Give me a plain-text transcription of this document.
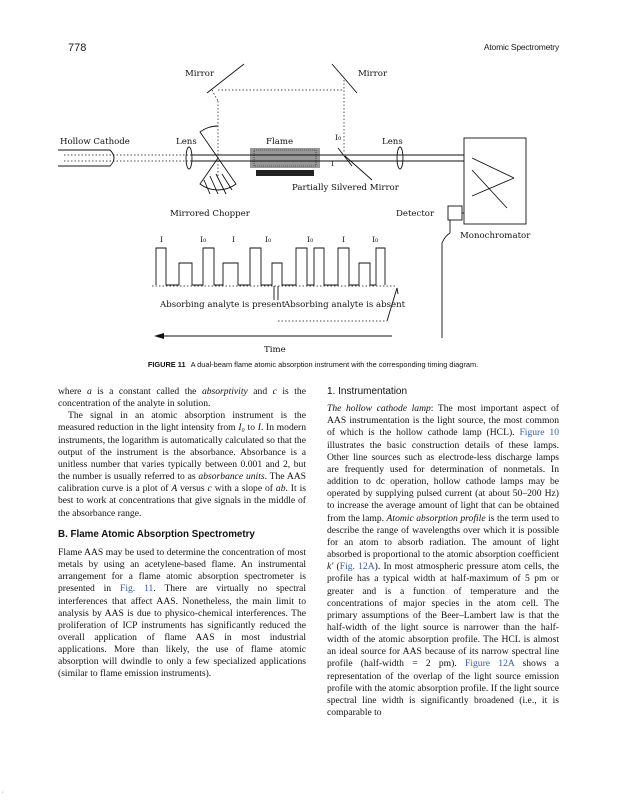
778	Atomic Spectrometry
Mirror	Mirror
Hollow Cathode	Lens
Mirrored Chopper
Flame	I₀
I
Partially Silvered Mirror
Lens
Monochromator
Detector
I	I₀	I	I₀	I₀	I	I₀
Absorbing analyte is present
Absorbing analyte is absent
Time
FIGURE 11 A dual-beam flame atomic absorption instrument with the corresponding timing diagram.

where a is a constant called the absorptivity and c is the concentration of the analyte in solution.

The signal in an atomic absorption instrument is the measured reduction in the light intensity from I₀ to I. In modern instruments, the logarithm is automatically calculated so that the output of the instrument is the absorbance. Absorbance is a unitless number that varies typically between 0.001 and 2, but the number is usually referred to as absorbance units. The AAS calibration curve is a plot of A versus c with a slope of ab. It is best to work at concentrations that give signals in the middle of the absorbance range.

B. Flame Atomic Absorption Spectrometry

Flame AAS may be used to determine the concentration of most metals by using an acetylene-based flame. An instrumental arrangement for a flame atomic absorption spectrometer is presented in Fig. 11. There are virtually no spectral interferences that affect AAS. Nonetheless, the main limit to analysis by AAS is due to physico-chemical interferences. The proliferation of ICP instruments has significantly reduced the overall application of flame AAS in most industrial applications. More than likely, the use of flame atomic absorption will dwindle to only a few specialized applications (similar to flame emission instruments).

1. Instrumentation

The hollow cathode lamp: The most important aspect of AAS instrumentation is the light source, the most common of which is the hollow cathode lamp (HCL). Figure 10 illustrates the basic construction details of these lamps. Other line sources such as electrode-less discharge lamps are frequently used for determination of nonmetals. In addition to dc operation, hollow cathode lamps may be operated by supplying pulsed current (at about 50–200 Hz) to increase the average amount of light that can be obtained from the lamp. Atomic absorption profile is the term used to describe the range of wavelengths over which it is possible for an atom to absorb radiation. The amount of light absorbed is proportional to the atomic absorption coefficient k′ (Fig. 12A). In most atmospheric pressure atom cells, the profile has a typical width at half-maximum of 5 pm or greater and is a function of temperature and the concentrations of major species in the atom cell. The primary assumptions of the Beer–Lambert law is that the half-width of the light source is narrower than the half-width of the atomic absorption profile. The HCL is almost an ideal source for AAS because of its narrow spectral line profile (half-width = 2 pm). Figure 12A shows a representation of the overlap of the light source emission profile with the atomic absorption profile. If the light source spectral line width is significantly broadened (i.e., it is comparable to

'
